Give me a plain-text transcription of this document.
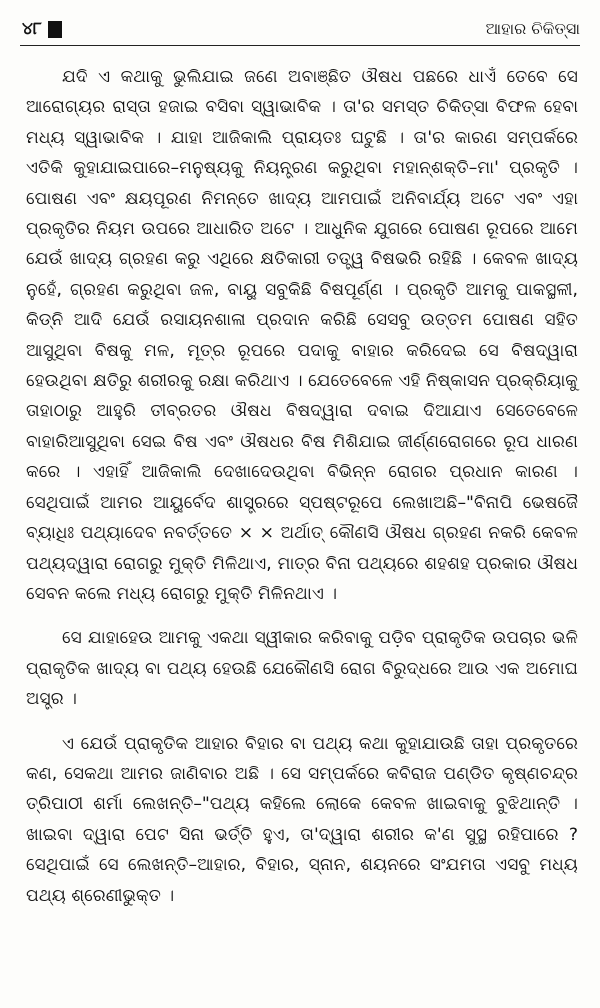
୪୮	ଆହାର ଚିକିତ୍ସା

ଯଦି ଏ କଥାକୁ ଭୁଲିଯାଇ ଜଣେ ଅବାଞ୍ଛିତ ଔଷଧ ପଛରେ ଧାଏଁ ତେବେ ସେ ଆରୋଗ୍ୟର ରାସ୍ତା ହଜାଇ ବସିବା ସ୍ୱାଭାବିକ । ତା'ର ସମସ୍ତ ଚିକିତ୍ସା ବିଫଳ ହେବା ମଧ୍ୟ ସ୍ୱାଭାବିକ । ଯାହା ଆଜିକାଲି ପ୍ରାୟତଃ ଘଟୁଛି । ତା'ର କାରଣ ସମ୍ପର୍କରେ ଏତିକି କୁହାଯାଇପାରେ–ମନୁଷ୍ୟକୁ ନିୟନ୍ତ୍ରଣ କରୁଥିବା ମହାନ୍‌ଶକ୍ତି–ମା' ପ୍ରକୃତି । ପୋଷଣ ଏବଂ କ୍ଷୟପୂରଣ ନିମନ୍ତେ ଖାଦ୍ୟ ଆମପାଇଁ ଅନିବାର୍ଯ୍ୟ ଅଟେ ଏବଂ ଏହା ପ୍ରକୃତିର ନିୟମ ଉପରେ ଆଧାରିତ ଅଟେ । ଆଧୁନିକ ଯୁଗରେ ପୋଷଣ ରୂପରେ ଆମେ ଯେଉଁ ଖାଦ୍ୟ ଗ୍ରହଣ କରୁ ଏଥିରେ କ୍ଷତିକାରୀ ତତ୍ତ୍ୱ ବିଷଭରି ରହିଛି । କେବଳ ଖାଦ୍ୟ ନୁହେଁ, ଗ୍ରହଣ କରୁଥିବା ଜଳ, ବାୟୁ ସବୁକିଛି ବିଷପୂର୍ଣ୍ଣ । ପ୍ରକୃତି ଆମକୁ ପାକସ୍ଥଳୀ, କିଡ୍‌ନି ଆଦି ଯେଉଁ ରସାୟନଶାଳା ପ୍ରଦାନ କରିଛି ସେସବୁ ଉତ୍ତମ ପୋଷଣ ସହିତ ଆସୁଥିବା ବିଷକୁ ମଳ, ମୂତ୍ର ରୂପରେ ପଦାକୁ ବାହାର କରିଦେଇ ସେ ବିଷଦ୍ୱାରା ହେଉଥିବା କ୍ଷତିରୁ ଶରୀରକୁ ରକ୍ଷା କରିଥାଏ । ଯେତେବେଳେ ଏହି ନିଷ୍କାସନ ପ୍ରକ୍ରିୟାକୁ ତାହାଠାରୁ ଆହୁରି ତୀବ୍ରତର ଔଷଧ ବିଷଦ୍ୱାରା ଦବାଇ ଦିଆଯାଏ ସେତେବେଳେ ବାହାରିଆସୁଥିବା ସେଇ ବିଷ ଏବଂ ଔଷଧର ବିଷ ମିଶିଯାଇ ଜୀର୍ଣ୍ଣରୋଗରେ ରୂପ ଧାରଣ କରେ । ଏହାହିଁ ଆଜିକାଲି ଦେଖାଦେଉଥିବା ବିଭିନ୍ନ ରୋଗର ପ୍ରଧାନ କାରଣ । ସେଥିପାଇଁ ଆମର ଆୟୁର୍ବେଦ ଶାସ୍ତ୍ରରେ ସ୍ପଷ୍ଟରୂପେ ଲେଖାଅଛି–"ବିନାପି ଭେଷଜୈ ବ୍ୟାଧିଃ ପଥ୍ୟାଦେବ ନବର୍ତ୍ତତେ × × ଅର୍ଥାତ୍ କୌଣସି ଔଷଧ ଗ୍ରହଣ ନକରି କେବଳ ପଥ୍ୟଦ୍ୱାରା ରୋଗରୁ ମୁକ୍ତି ମିଳିଥାଏ, ମାତ୍ର ବିନା ପଥ୍ୟରେ ଶହଶହ ପ୍ରକାର ଔଷଧ ସେବନ କଲେ ମଧ୍ୟ ରୋଗରୁ ମୁକ୍ତି ମିଳିନଥାଏ ।

ସେ ଯାହାହେଉ ଆମକୁ ଏକଥା ସ୍ୱୀକାର କରିବାକୁ ପଡ଼ିବ ପ୍ରାକୃତିକ ଉପଚାର ଭଳି ପ୍ରାକୃତିକ ଖାଦ୍ୟ ବା ପଥ୍ୟ ହେଉଛି ଯେକୌଣସି ରୋଗ ବିରୁଦ୍ଧରେ ଆଉ ଏକ ଅମୋଘ ଅସ୍ତ୍ର ।

ଏ ଯେଉଁ ପ୍ରାକୃତିକ ଆହାର ବିହାର ବା ପଥ୍ୟ କଥା କୁହାଯାଉଛି ତାହା ପ୍ରକୃତରେ କଣ, ସେକଥା ଆମର ଜାଣିବାର ଅଛି । ସେ ସମ୍ପର୍କରେ କବିରାଜ ପଣ୍ଡିତ କୃଷ୍ଣଚନ୍ଦ୍ର ତ୍ରିପାଠୀ ଶର୍ମା ଲେଖନ୍ତି–"ପଥ୍ୟ କହିଲେ ଲୋକେ କେବଳ ଖାଇବାକୁ ବୁଝିଥାନ୍ତି । ଖାଇବା ଦ୍ୱାରା ପେଟ ସିନା ଭର୍ତ୍ତି ହୁଏ, ତା'ଦ୍ୱାରା ଶରୀର କ'ଣ ସୁସ୍ଥ ରହିପାରେ ? ସେଥିପାଇଁ ସେ ଲେଖନ୍ତି–ଆହାର, ବିହାର, ସ୍ନାନ, ଶୟନରେ ସଂଯମତା ଏସବୁ ମଧ୍ୟ ପଥ୍ୟ ଶ୍ରେଣୀଭୁକ୍ତ ।
